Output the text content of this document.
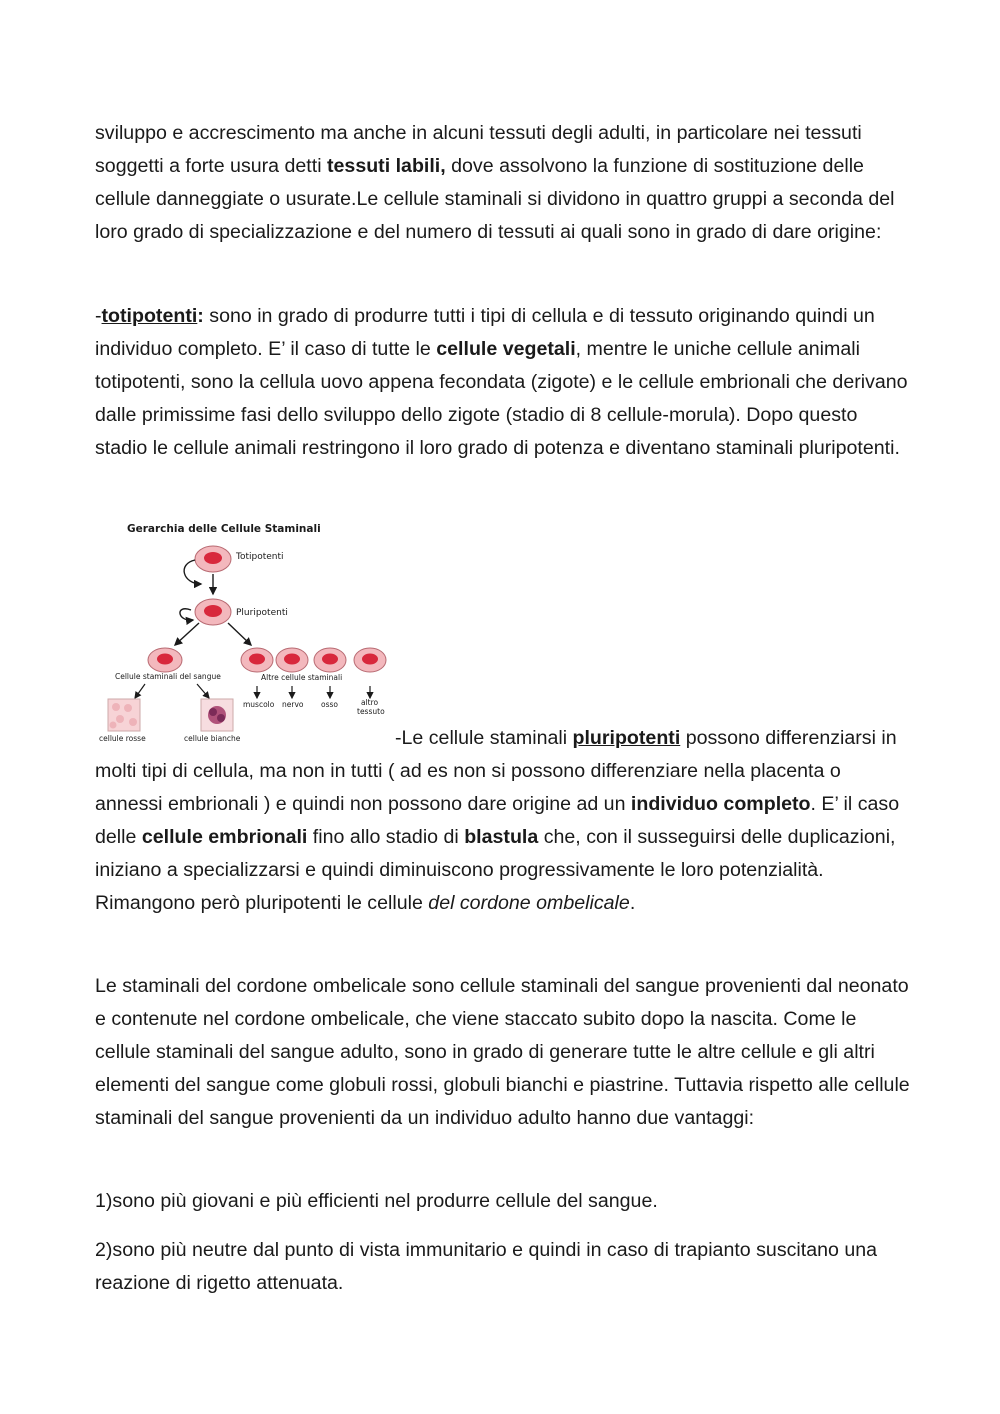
sviluppo e accrescimento ma anche in alcuni tessuti degli adulti, in particolare nei tessuti soggetti a forte usura detti tessuti labili, dove assolvono la funzione di sostituzione delle cellule danneggiate o usurate.Le cellule staminali si dividono in quattro gruppi a seconda del loro grado di specializzazione e del numero di tessuti ai quali sono in grado di dare origine:

-totipotenti: sono in grado di produrre tutti i tipi di cellula e di tessuto originando quindi un individuo completo. E’ il caso di tutte le cellule vegetali, mentre le uniche cellule animali totipotenti, sono la cellula uovo appena fecondata (zigote) e le cellule embrionali che derivano dalle primissime fasi dello sviluppo dello zigote (stadio di 8 cellule-morula). Dopo questo stadio le cellule animali restringono il loro grado di potenza e diventano staminali pluripotenti.

Gerarchia delle Cellule Staminali
Totipotenti
Pluripotenti
Cellule staminali del sangue	Altre cellule staminali
muscolo nervo osso	altro
tessuto
cellule rosse	cellule bianche	-Le cellule staminali pluripotenti possono differenziarsi in molti tipi di cellula, ma non in tutti ( ad es non si possono differenziare nella placenta o annessi embrionali ) e quindi non possono dare origine ad un individuo completo. E’ il caso delle cellule embrionali fino allo stadio di blastula che, con il susseguirsi delle duplicazioni, iniziano a specializzarsi e quindi diminuiscono progressivamente le loro potenzialità. Rimangono però pluripotenti le cellule del cordone ombelicale.

Le staminali del cordone ombelicale sono cellule staminali del sangue provenienti dal neonato e contenute nel cordone ombelicale, che viene staccato subito dopo la nascita. Come le cellule staminali del sangue adulto, sono in grado di generare tutte le altre cellule e gli altri elementi del sangue come globuli rossi, globuli bianchi e piastrine. Tuttavia rispetto alle cellule staminali del sangue provenienti da un individuo adulto hanno due vantaggi:

1)sono più giovani e più efficienti nel produrre cellule del sangue.

2)sono più neutre dal punto di vista immunitario e quindi in caso di trapianto suscitano una reazione di rigetto attenuata.
